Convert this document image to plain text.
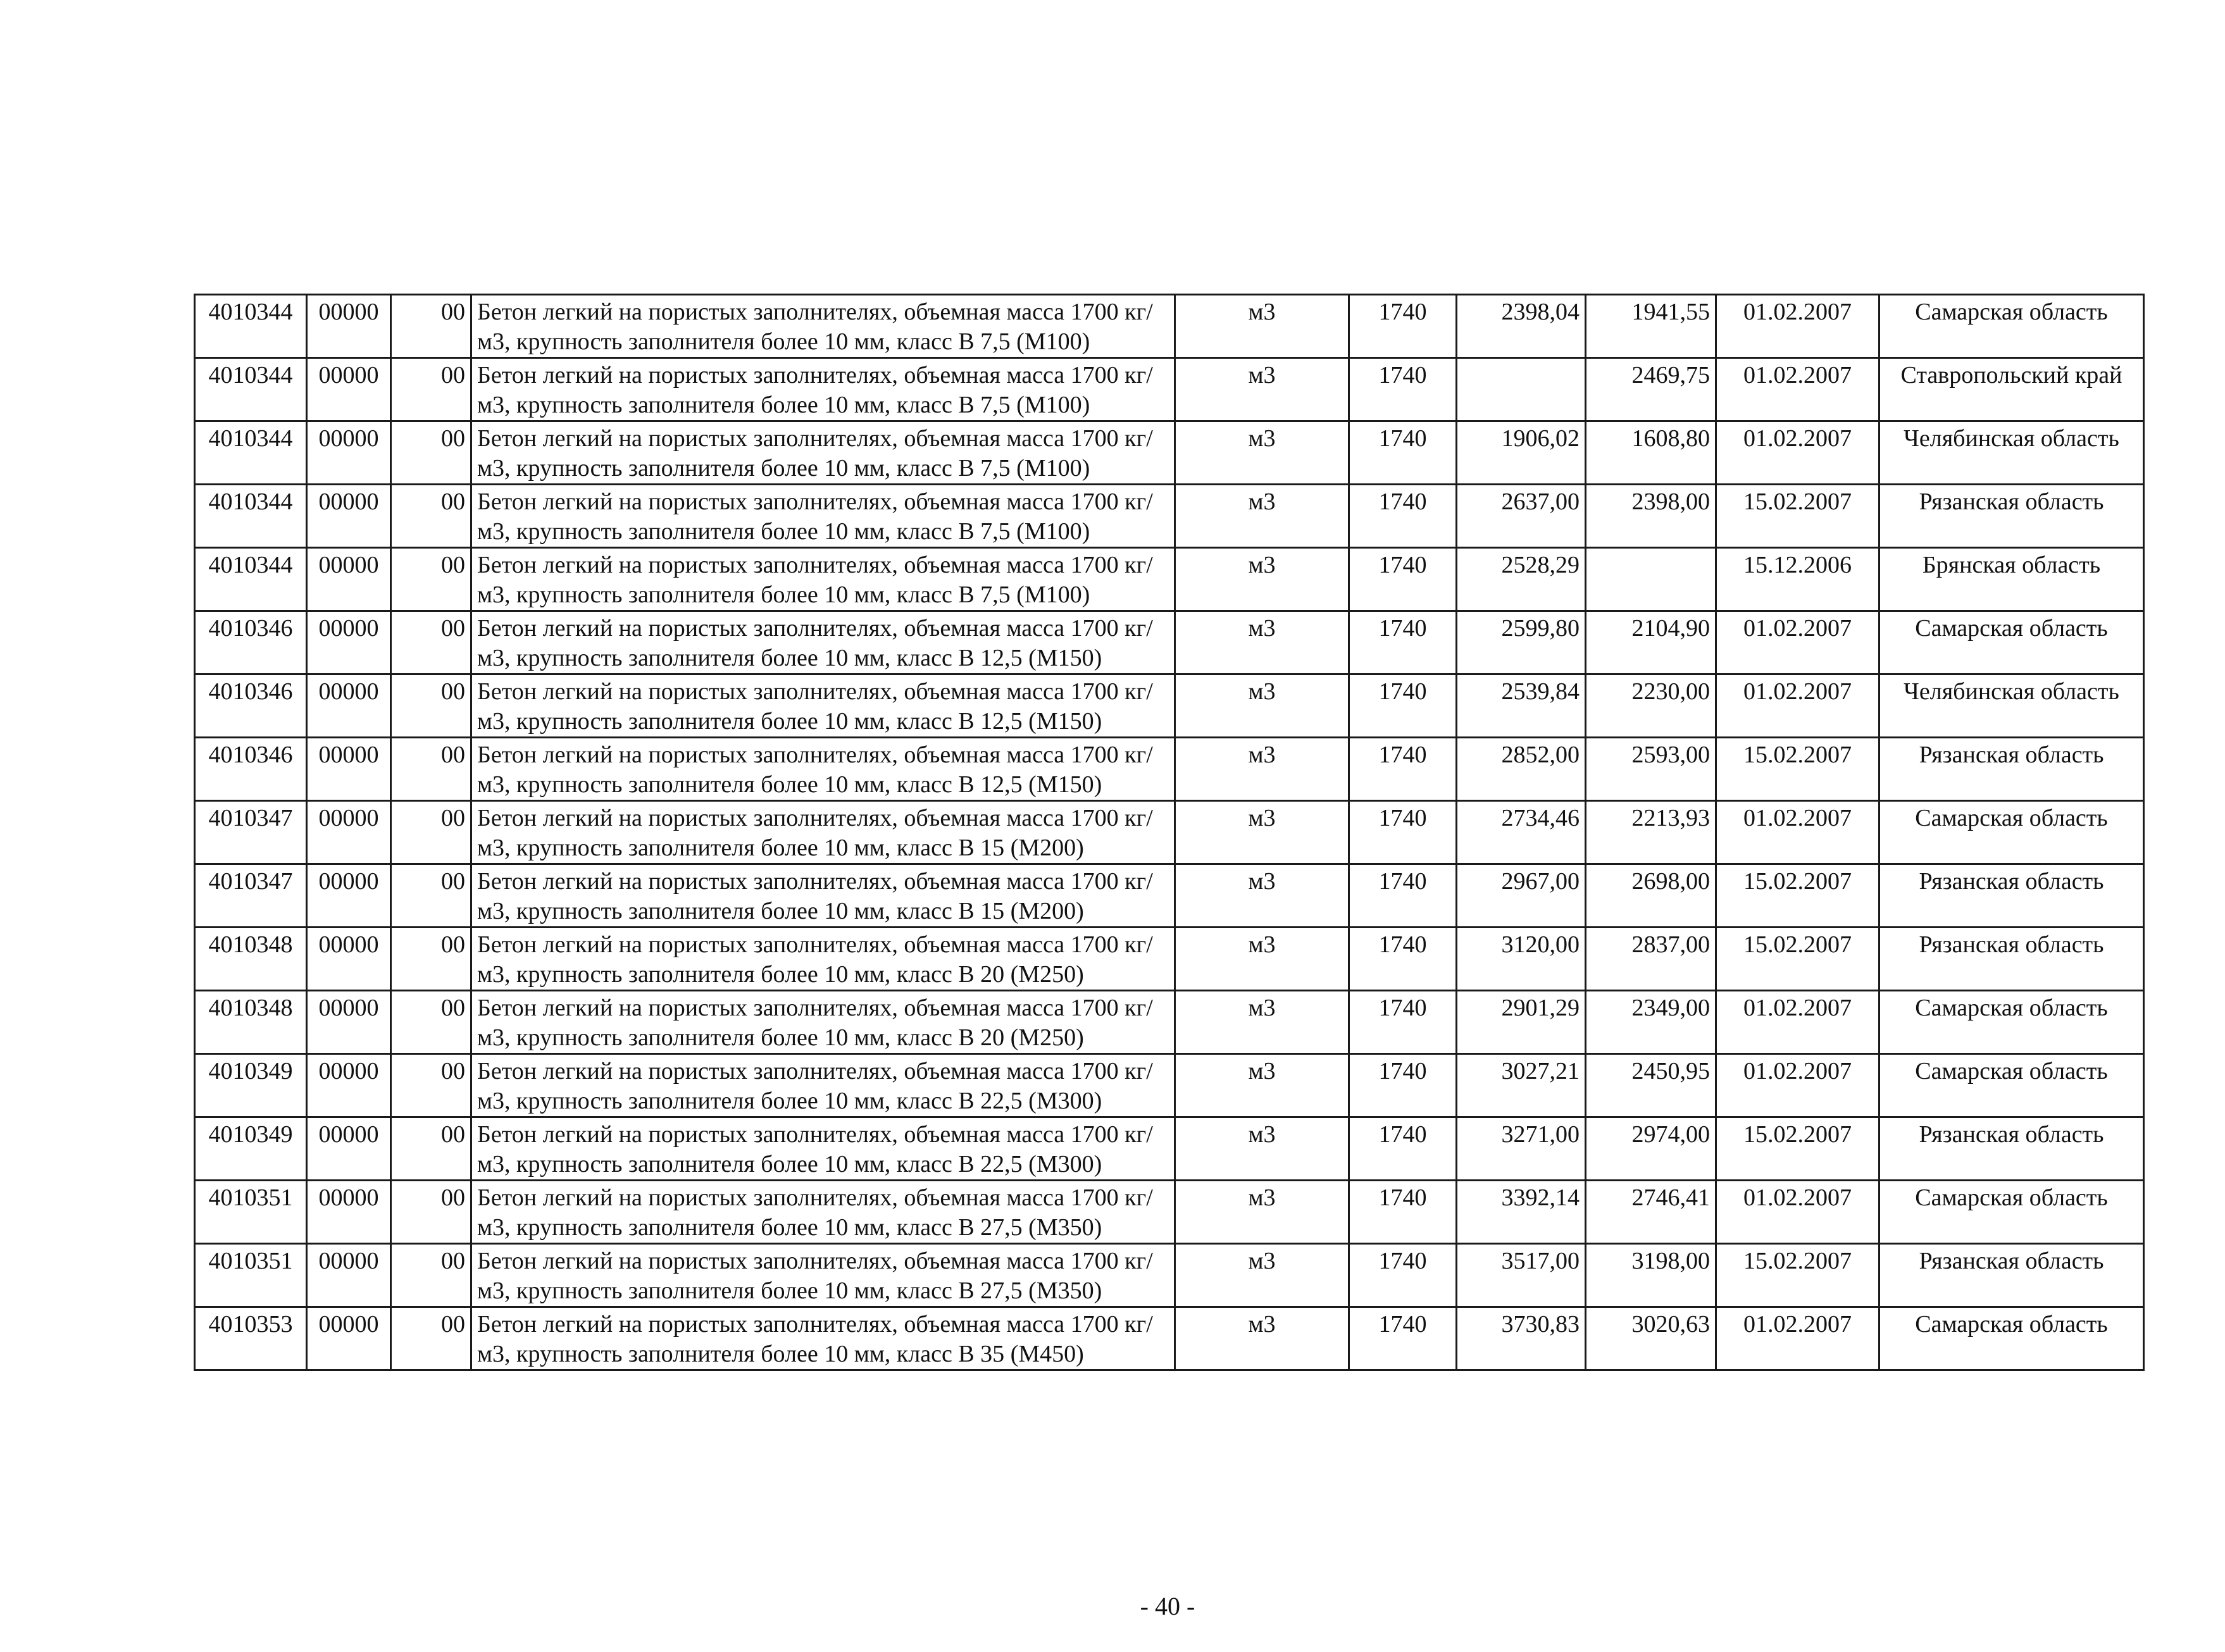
4010344	00000	00	Бетон легкий на пористых заполнителях, объемная масса 1700 кг/м3, крупность заполнителя более 10 мм, класс В 7,5 (М100)	м3	1740	2398,04	1941,55	01.02.2007	Самарская область
4010344	00000	00	Бетон легкий на пористых заполнителях, объемная масса 1700 кг/м3, крупность заполнителя более 10 мм, класс В 7,5 (М100)	м3	1740		2469,75	01.02.2007	Ставропольский край
4010344	00000	00	Бетон легкий на пористых заполнителях, объемная масса 1700 кг/м3, крупность заполнителя более 10 мм, класс В 7,5 (М100)	м3	1740	1906,02	1608,80	01.02.2007	Челябинская область
4010344	00000	00	Бетон легкий на пористых заполнителях, объемная масса 1700 кг/м3, крупность заполнителя более 10 мм, класс В 7,5 (М100)	м3	1740	2637,00	2398,00	15.02.2007	Рязанская область
4010344	00000	00	Бетон легкий на пористых заполнителях, объемная масса 1700 кг/м3, крупность заполнителя более 10 мм, класс В 7,5 (М100)	м3	1740	2528,29		15.12.2006	Брянская область
4010346	00000	00	Бетон легкий на пористых заполнителях, объемная масса 1700 кг/м3, крупность заполнителя более 10 мм, класс В 12,5 (М150)	м3	1740	2599,80	2104,90	01.02.2007	Самарская область
4010346	00000	00	Бетон легкий на пористых заполнителях, объемная масса 1700 кг/м3, крупность заполнителя более 10 мм, класс В 12,5 (М150)	м3	1740	2539,84	2230,00	01.02.2007	Челябинская область
4010346	00000	00	Бетон легкий на пористых заполнителях, объемная масса 1700 кг/м3, крупность заполнителя более 10 мм, класс В 12,5 (М150)	м3	1740	2852,00	2593,00	15.02.2007	Рязанская область
4010347	00000	00	Бетон легкий на пористых заполнителях, объемная масса 1700 кг/м3, крупность заполнителя более 10 мм, класс В 15 (М200)	м3	1740	2734,46	2213,93	01.02.2007	Самарская область
4010347	00000	00	Бетон легкий на пористых заполнителях, объемная масса 1700 кг/м3, крупность заполнителя более 10 мм, класс В 15 (М200)	м3	1740	2967,00	2698,00	15.02.2007	Рязанская область
4010348	00000	00	Бетон легкий на пористых заполнителях, объемная масса 1700 кг/м3, крупность заполнителя более 10 мм, класс В 20 (М250)	м3	1740	3120,00	2837,00	15.02.2007	Рязанская область
4010348	00000	00	Бетон легкий на пористых заполнителях, объемная масса 1700 кг/м3, крупность заполнителя более 10 мм, класс В 20 (М250)	м3	1740	2901,29	2349,00	01.02.2007	Самарская область
4010349	00000	00	Бетон легкий на пористых заполнителях, объемная масса 1700 кг/м3, крупность заполнителя более 10 мм, класс В 22,5 (М300)	м3	1740	3027,21	2450,95	01.02.2007	Самарская область
4010349	00000	00	Бетон легкий на пористых заполнителях, объемная масса 1700 кг/м3, крупность заполнителя более 10 мм, класс В 22,5 (М300)	м3	1740	3271,00	2974,00	15.02.2007	Рязанская область
4010351	00000	00	Бетон легкий на пористых заполнителях, объемная масса 1700 кг/м3, крупность заполнителя более 10 мм, класс В 27,5 (М350)	м3	1740	3392,14	2746,41	01.02.2007	Самарская область
4010351	00000	00	Бетон легкий на пористых заполнителях, объемная масса 1700 кг/м3, крупность заполнителя более 10 мм, класс В 27,5 (М350)	м3	1740	3517,00	3198,00	15.02.2007	Рязанская область
4010353	00000	00	Бетон легкий на пористых заполнителях, объемная масса 1700 кг/м3, крупность заполнителя более 10 мм, класс В 35 (М450)	м3	1740	3730,83	3020,63	01.02.2007	Самарская область
- 40 -
